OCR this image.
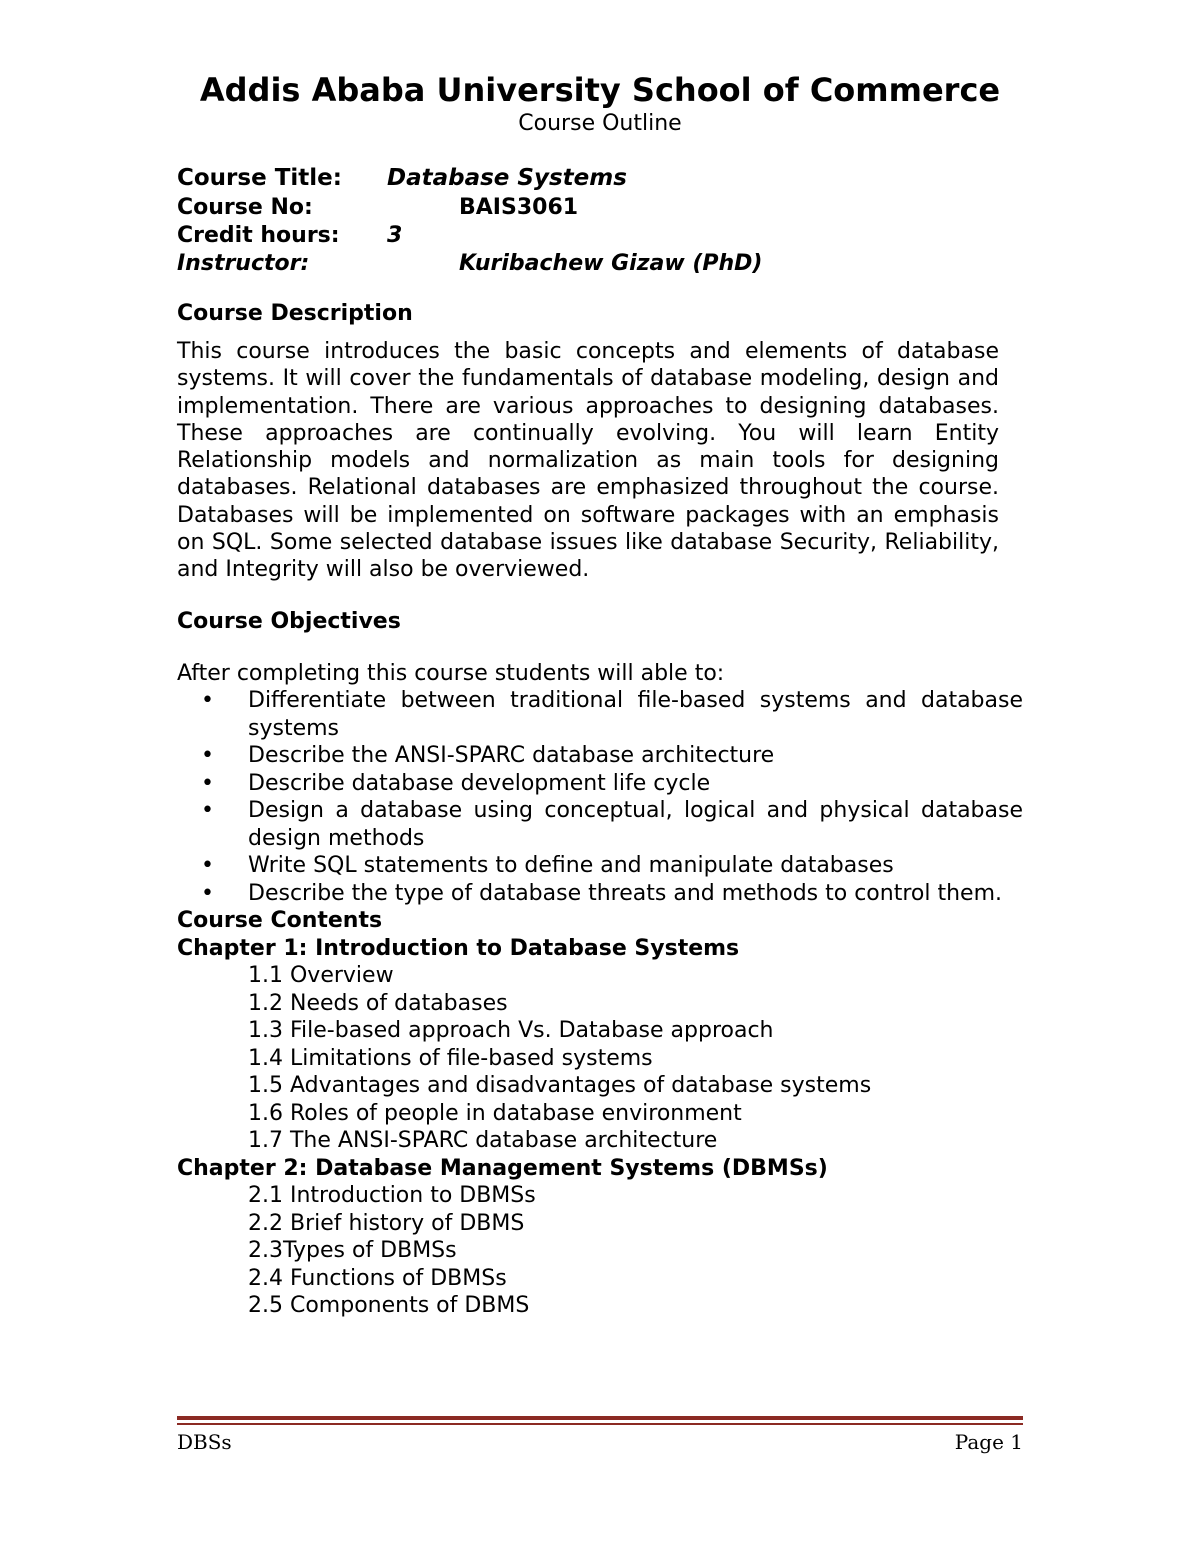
Addis Ababa University School of Commerce
Course Outline
Course Title: Database Systems
Course No:	BAIS3061
Credit hours: 3
Instructor:	Kuribachew Gizaw (PhD)
Course Description

This course introduces the basic concepts and elements of database systems. It will cover the fundamentals of database modeling, design and implementation. There are various approaches to designing databases. These approaches are continually evolving. You will learn Entity Relationship models and normalization as main tools for designing databases. Relational databases are emphasized throughout the course. Databases will be implemented on software packages with an emphasis on SQL. Some selected database issues like database Security, Reliability, and Integrity will also be overviewed.

Course Objectives

After completing this course students will able to:

• Differentiate between traditional file-based systems and database systems
• Describe the ANSI-SPARC database architecture
• Describe database development life cycle
• Design a database using conceptual, logical and physical database design methods
• Write SQL statements to define and manipulate databases
• Describe the type of database threats and methods to control them.
Course Contents
Chapter 1: Introduction to Database Systems
1.1 Overview
1.2 Needs of databases
1.3 File-based approach Vs. Database approach
1.4 Limitations of file-based systems
1.5 Advantages and disadvantages of database systems
1.6 Roles of people in database environment
1.7 The ANSI-SPARC database architecture
Chapter 2: Database Management Systems (DBMSs)
2.1 Introduction to DBMSs
2.2 Brief history of DBMS
2.3Types of DBMSs
2.4 Functions of DBMSs
2.5 Components of DBMS
DBSs	Page 1
